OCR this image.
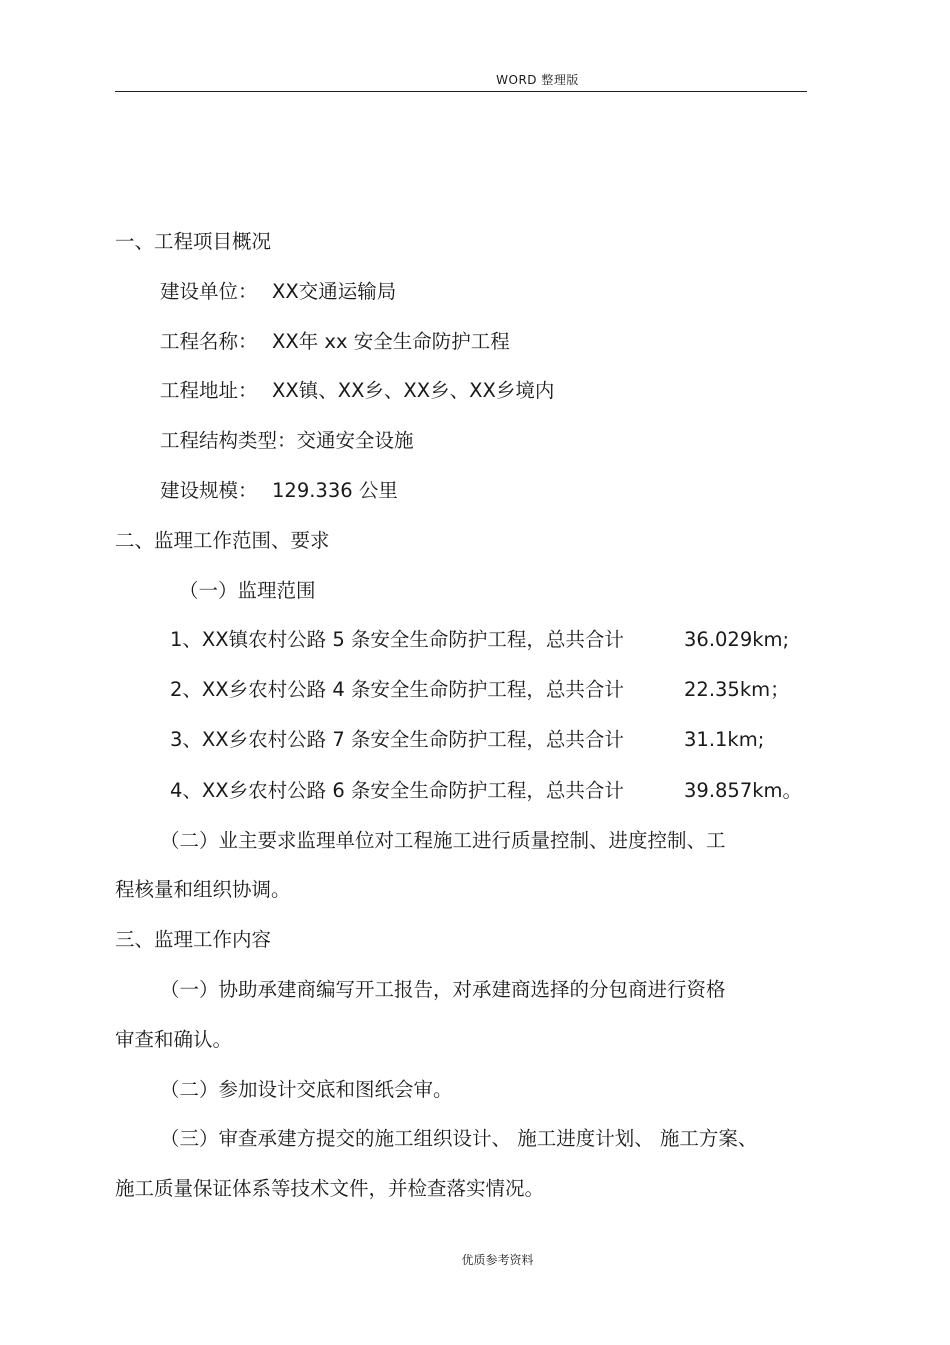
WORD 整理版
一、工程项目概况
建设单位： XX交通运输局
工程名称： XX年 xx 安全生命防护工程
工程地址： XX镇、XX乡、XX乡、XX乡境内
工程结构类型：交通安全设施
建设规模： 129.336 公里
二、监理工作范围、要求
（一）监理范围
1、XX镇农村公路 5 条安全生命防护工程，总共合计	36.029km;
2、XX乡农村公路 4 条安全生命防护工程，总共合计	22.35km；
3、XX乡农村公路 7 条安全生命防护工程，总共合计	31.1km;
4、XX乡农村公路 6 条安全生命防护工程，总共合计	39.857km。
（二）业主要求监理单位对工程施工进行质量控制、进度控制、工
程核量和组织协调。
三、监理工作内容
（一）协助承建商编写开工报告，对承建商选择的分包商进行资格
审查和确认。
（二）参加设计交底和图纸会审。
（三）审查承建方提交的施工组织设计、 施工进度计划、 施工方案、
施工质量保证体系等技术文件，并检查落实情况。
优质参考资料
